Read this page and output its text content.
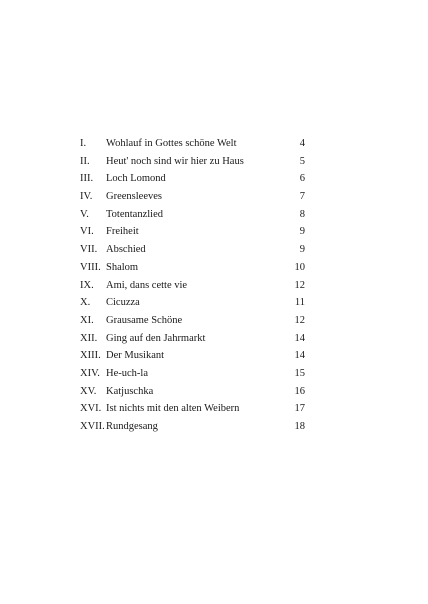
I. Wohlauf in Gottes schöne Welt	4
II. Heut' noch sind wir hier zu Haus	5
III. Loch Lomond	6
IV. Greensleeves	7
V. Totentanzlied	8
VI. Freiheit	9
VII. Abschied	9
VIII. Shalom	10
IX. Ami, dans cette vie	12
X. Cicuzza	11
XI. Grausame Schöne	12
XII. Ging auf den Jahrmarkt	14
XIII. Der Musikant	14
XIV. He-uch-la	15
XV. Katjuschka	16
XVI. Ist nichts mit den alten Weibern	17
XVII. Rundgesang	18
